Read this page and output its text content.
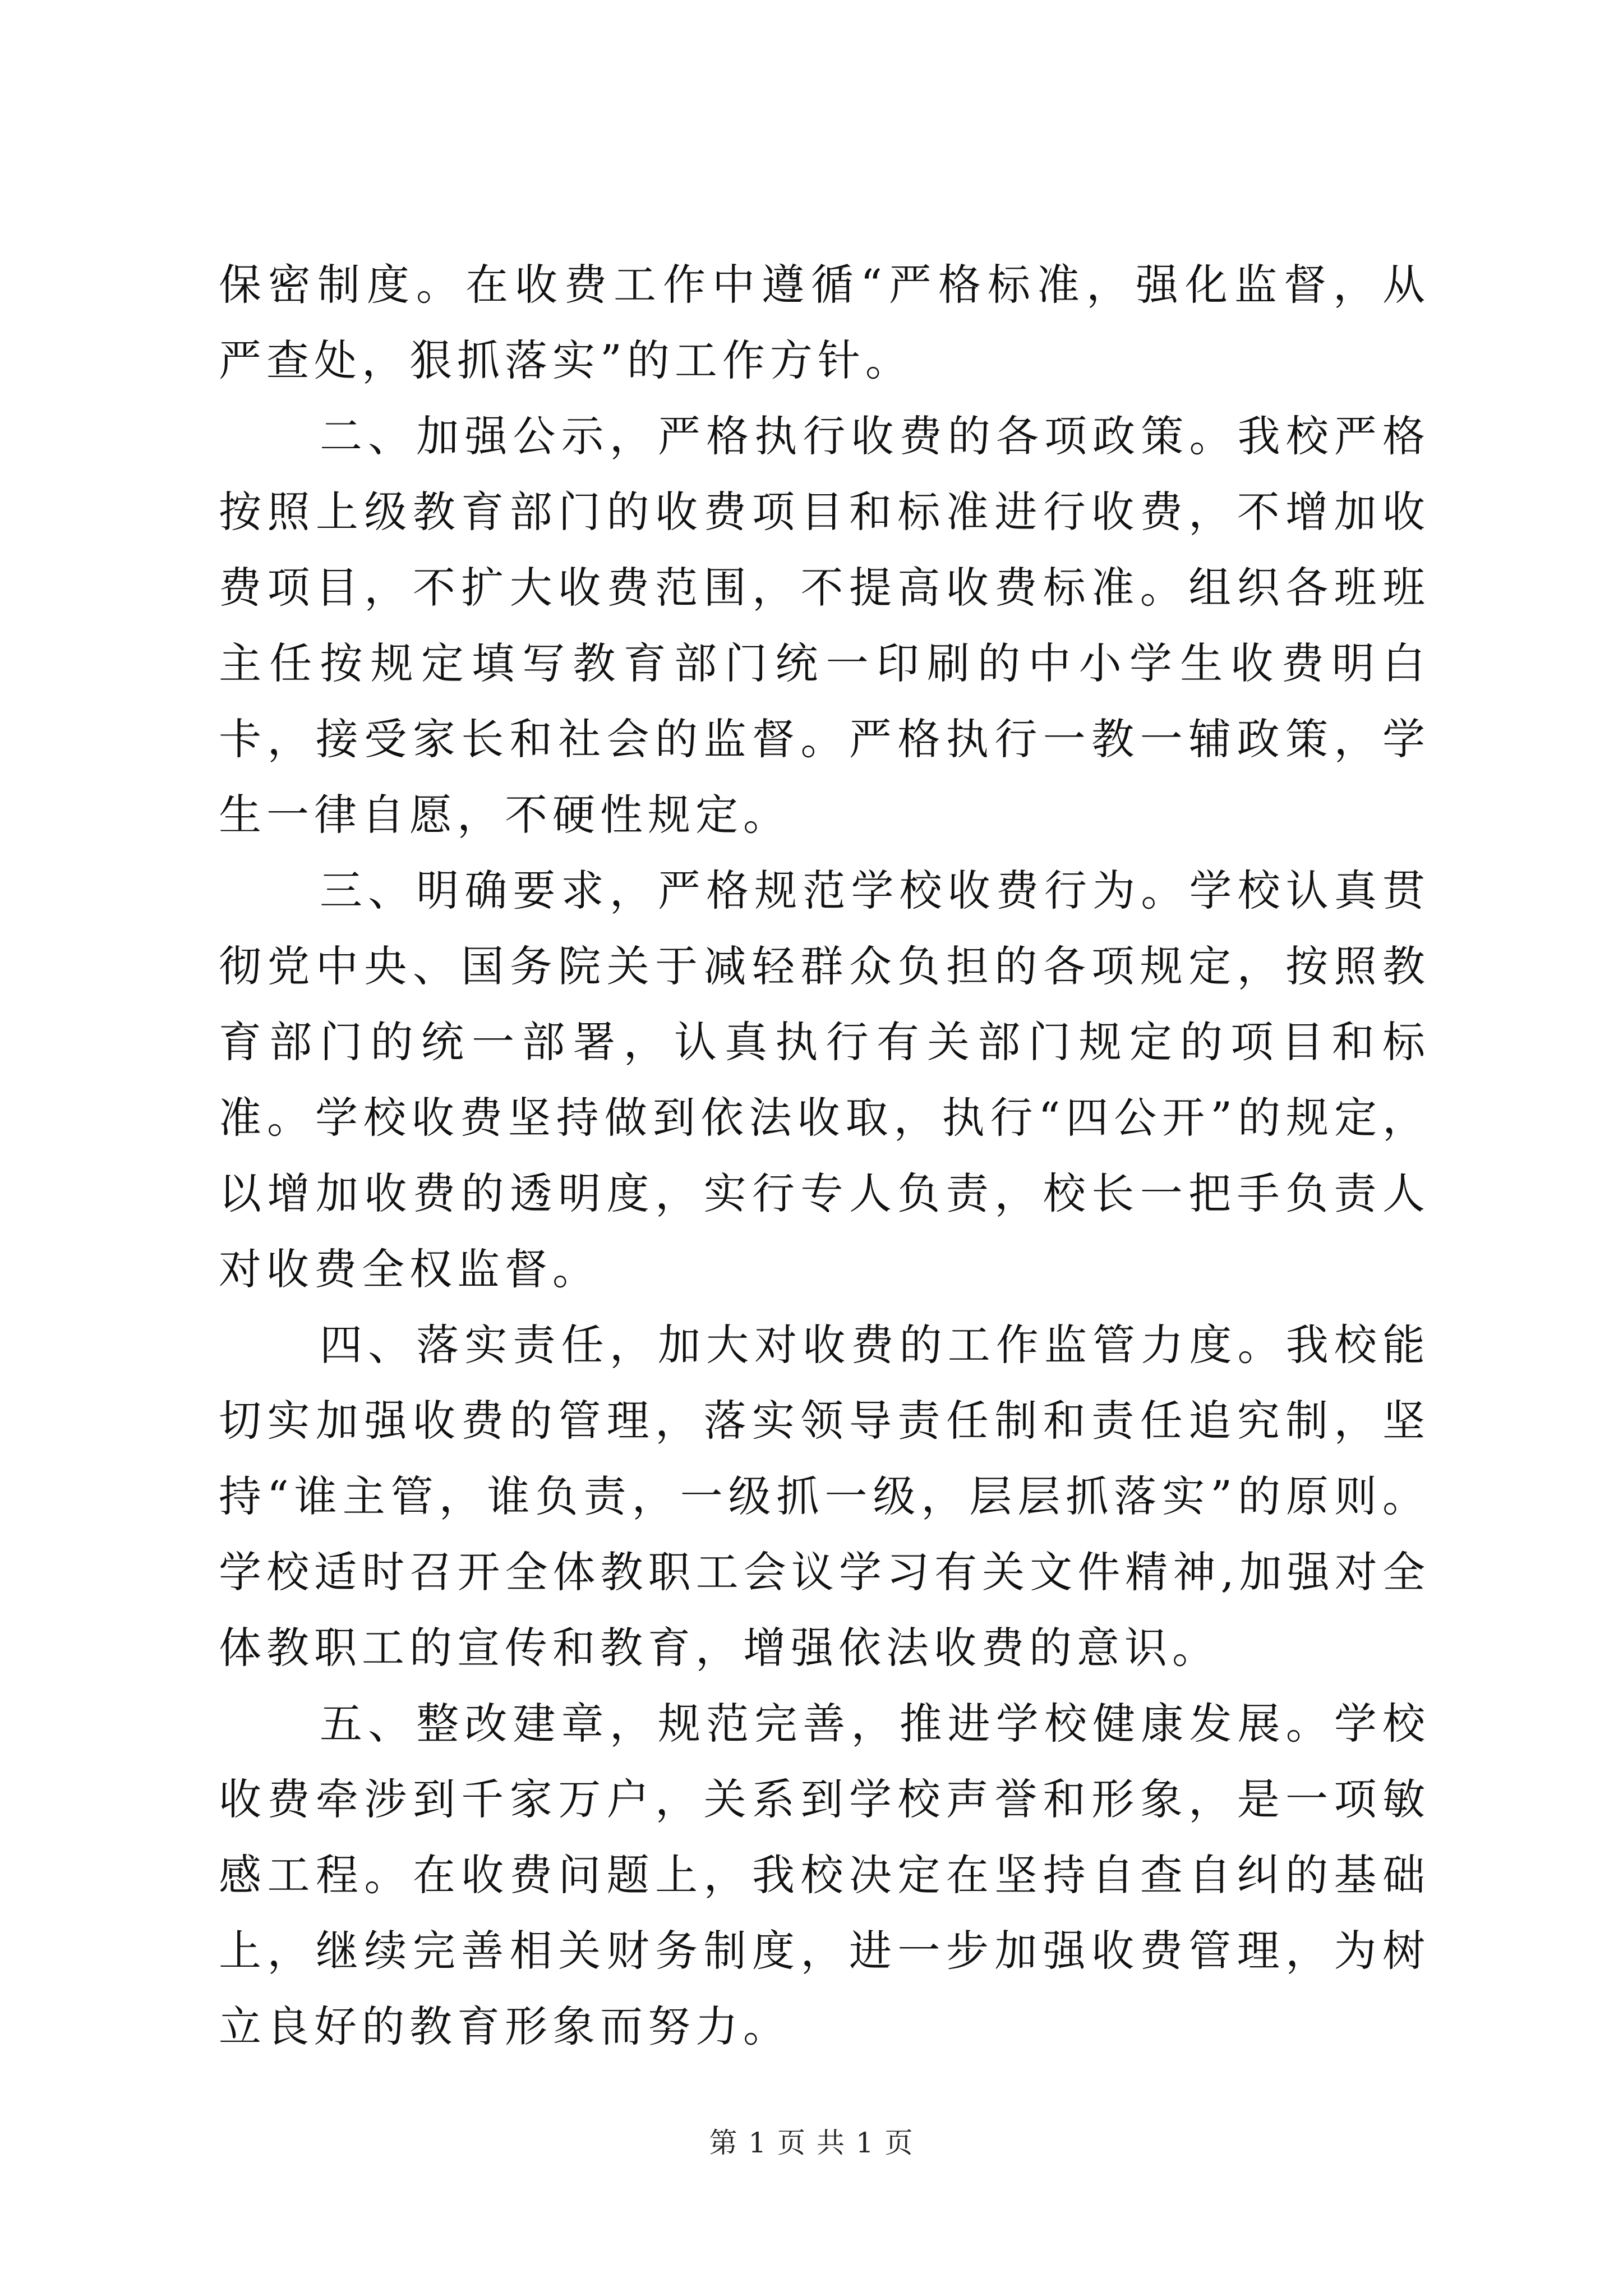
保密制度。在收费工作中遵循“严格标准，强化监督，从严查处，狠抓落实”的工作方针。

二、加强公示，严格执行收费的各项政策。我校严格按照上级教育部门的收费项目和标准进行收费，不增加收费项目，不扩大收费范围，不提高收费标准。组织各班班主任按规定填写教育部门统一印刷的中小学生收费明白卡，接受家长和社会的监督。严格执行一教一辅政策，学生一律自愿，不硬性规定。

三、明确要求，严格规范学校收费行为。学校认真贯彻党中央、国务院关于减轻群众负担的各项规定，按照教育部门的统一部署，认真执行有关部门规定的项目和标准。学校收费坚持做到依法收取，执行“四公开”的规定，以增加收费的透明度，实行专人负责，校长一把手负责人对收费全权监督。

四、落实责任，加大对收费的工作监管力度。我校能切实加强收费的管理，落实领导责任制和责任追究制，坚持“谁主管，谁负责，一级抓一级，层层抓落实”的原则。学校适时召开全体教职工会议学习有关文件精神,加强对全体教职工的宣传和教育，增强依法收费的意识。

五、整改建章，规范完善，推进学校健康发展。学校收费牵涉到千家万户，关系到学校声誉和形象，是一项敏感工程。在收费问题上，我校决定在坚持自查自纠的基础上，继续完善相关财务制度，进一步加强收费管理，为树立良好的教育形象而努力。

第 1 页 共 1 页
